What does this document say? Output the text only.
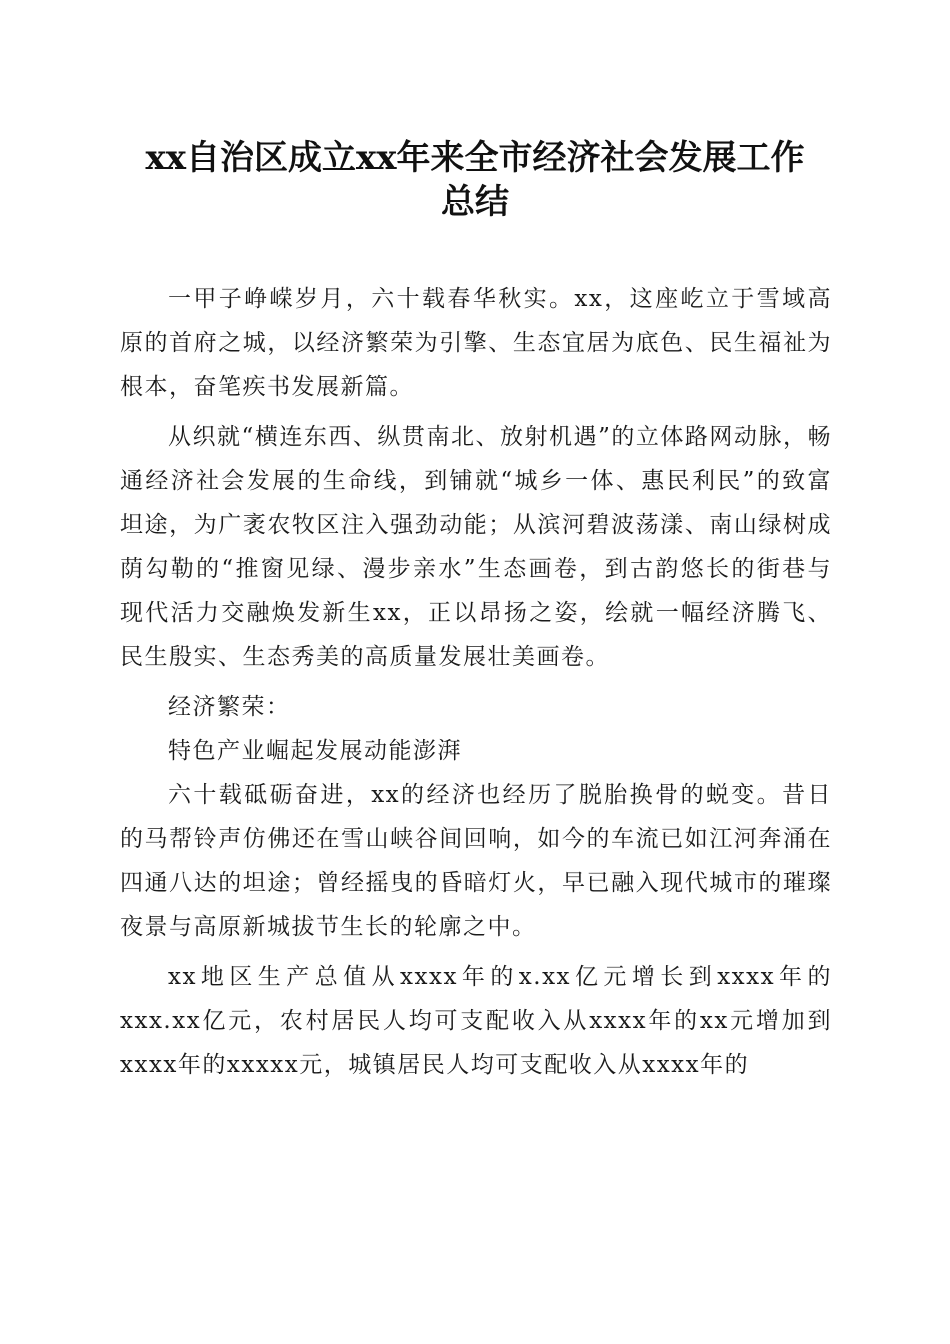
xx自治区成立xx年来全市经济社会发展工作
总结

一甲子峥嵘岁月，六十载春华秋实。xx，这座屹立于雪域高原的首府之城，以经济繁荣为引擎、生态宜居为底色、民生福祉为根本，奋笔疾书发展新篇。

从织就“横连东西、纵贯南北、放射机遇”的立体路网动脉，畅通经济社会发展的生命线，到铺就“城乡一体、惠民利民”的致富坦途，为广袤农牧区注入强劲动能；从滨河碧波荡漾、南山绿树成荫勾勒的“推窗见绿、漫步亲水”生态画卷，到古韵悠长的街巷与现代活力交融焕发新生xx，正以昂扬之姿，绘就一幅经济腾飞、民生殷实、生态秀美的高质量发展壮美画卷。

经济繁荣：

特色产业崛起发展动能澎湃

六十载砥砺奋进，xx的经济也经历了脱胎换骨的蜕变。昔日的马帮铃声仿佛还在雪山峡谷间回响，如今的车流已如江河奔涌在四通八达的坦途；曾经摇曳的昏暗灯火，早已融入现代城市的璀璨夜景与高原新城拔节生长的轮廓之中。

xx地区生产总值从xxxx年的x.xx亿元增长到xxxx年的xxx.xx亿元，农村居民人均可支配收入从xxxx年的xx元增加到xxxx年的xxxxx元，城镇居民人均可支配收入从xxxx年的
